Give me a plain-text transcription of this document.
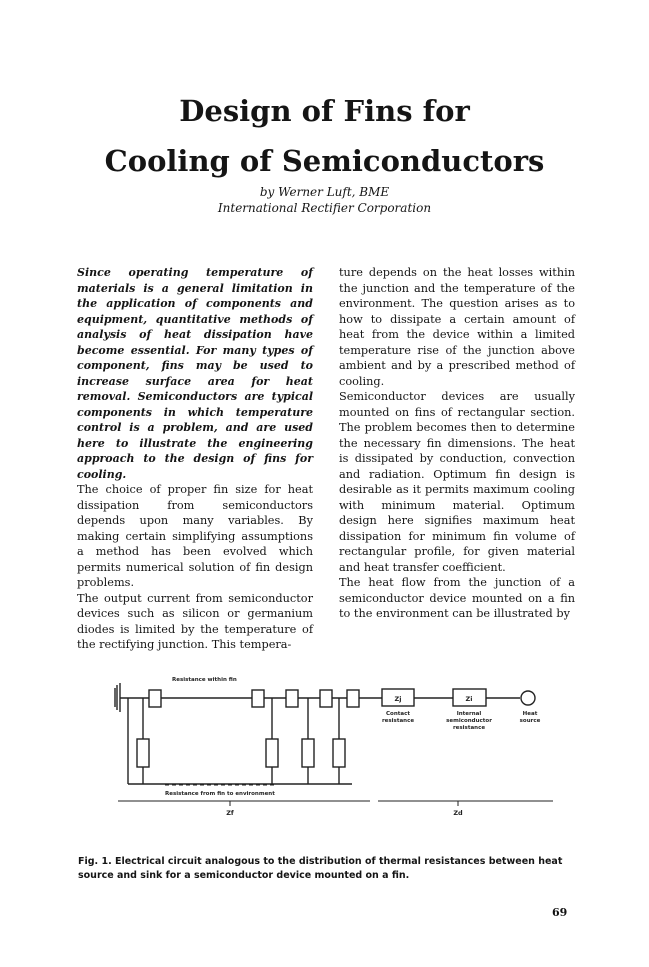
Design of Fins for
Cooling of Semiconductors
by Werner Luft, BME
International Rectifier Corporation

Since operating temperature of materials is a general limitation in the application of components and equipment, quantitative methods of analysis of heat dissipation have become essential. For many types of component, fins may be used to increase surface area for heat removal. Semiconductors are typical components in which temperature control is a problem, and are used here to illustrate the engineering approach to the design of fins for cooling.

The choice of proper fin size for heat dissipation from semiconductors depends upon many variables. By making certain simplifying assumptions a method has been evolved which permits numerical solution of fin design problems.

The output current from semiconductor devices such as silicon or germanium diodes is limited by the temperature of the rectifying junction. This tempera-

ture depends on the heat losses within the junction and the temperature of the environment. The question arises as to how to dissipate a certain amount of heat from the device within a limited temperature rise of the junction above ambient and by a prescribed method of cooling.

Semiconductor devices are usually mounted on fins of rectangular section. The problem becomes then to determine the necessary fin dimensions. The heat is dissipated by conduction, convection and radiation. Optimum fin design is desirable as it permits maximum cooling with minimum material. Optimum design here signifies maximum heat dissipation for minimum fin volume of rectangular profile, for given material and heat transfer coefficient.

The heat flow from the junction of a semiconductor device mounted on a fin to the environment can be illustrated by

Resistance within fin
Resistance from fin to environment
Zj	Zi
Contact
resistance
Internal
semiconductor
resistance
Heat
source
Zf	Zd
Fig. 1. Electrical circuit analogous to the distribution of thermal resistances between heat source and sink for a semiconductor device mounted on a fin.
69
